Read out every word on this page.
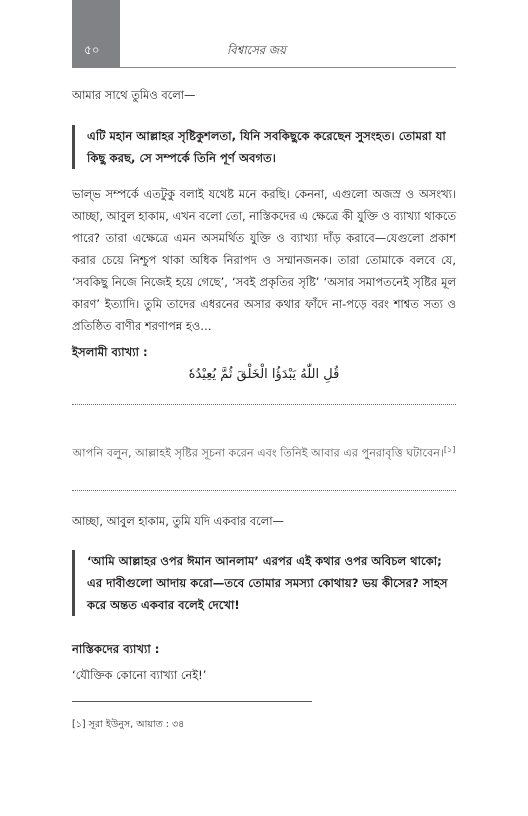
৫০	বিশ্বাসের জয়

আমার সাথে তুমিও বলো—

এটি মহান আল্লাহর সৃষ্টিকুশলতা, যিনি সবকিছুকে করেছেন সুসংহত। তোমরা যা কিছু করছ, সে সম্পর্কে তিনি পূর্ণ অবগত।

ভাল্ভ সম্পর্কে এতটুকু বলাই যথেষ্ট মনে করছি। কেননা, এগুলো অজস্র ও অসংখ্য। আচ্ছা, আবুল হাকাম, এখন বলো তো, নাস্তিকদের এ ক্ষেত্রে কী যুক্তি ও ব্যাখ্যা থাকতে পারে? তারা এক্ষেত্রে এমন অসমর্থিত যুক্তি ও ব্যাখ্যা দাঁড় করাবে—যেগুলো প্রকাশ করার চেয়ে নিশ্চুপ থাকা অধিক নিরাপদ ও সম্মানজনক। তারা তোমাকে বলবে যে, ‘সবকিছু নিজে নিজেই হয়ে গেছে’, ‘সবই প্রকৃতির সৃষ্টি’ ‘অসার সমাপতনেই সৃষ্টির মূল কারণ’ ইত্যাদি। তুমি তাদের এধরনের অসার কথার ফাঁদে না-পড়ে বরং শাশ্বত সত্য ও প্রতিষ্ঠিত বাণীর শরণাপন্ন হও…

ইসলামী ব্যাখ্যা :
قُلِ اللّٰهُ يَبْدَؤُا الْخَلْقَ ثُمَّ يُعِيْدُهٗ
আপনি বলুন, আল্লাহই সৃষ্টির সূচনা করেন এবং তিনিই আবার এর পুনরাবৃত্তি ঘটাবেন।[১]

আচ্ছা, আবুল হাকাম, তুমি যদি একবার বলো—

‘আমি আল্লাহর ওপর ঈমান আনলাম’ এরপর এই কথার ওপর অবিচল থাকো; এর দাবীগুলো আদায় করো—তবে তোমার সমস্যা কোথায়? ভয় কীসের? সাহস করে অন্তত একবার বলেই দেখো!
নাস্তিকদের ব্যাখ্যা :

‘যৌক্তিক কোনো ব্যাখ্যা নেই!’

[১] সূরা ইউনুস, আয়াত : ৩৪
